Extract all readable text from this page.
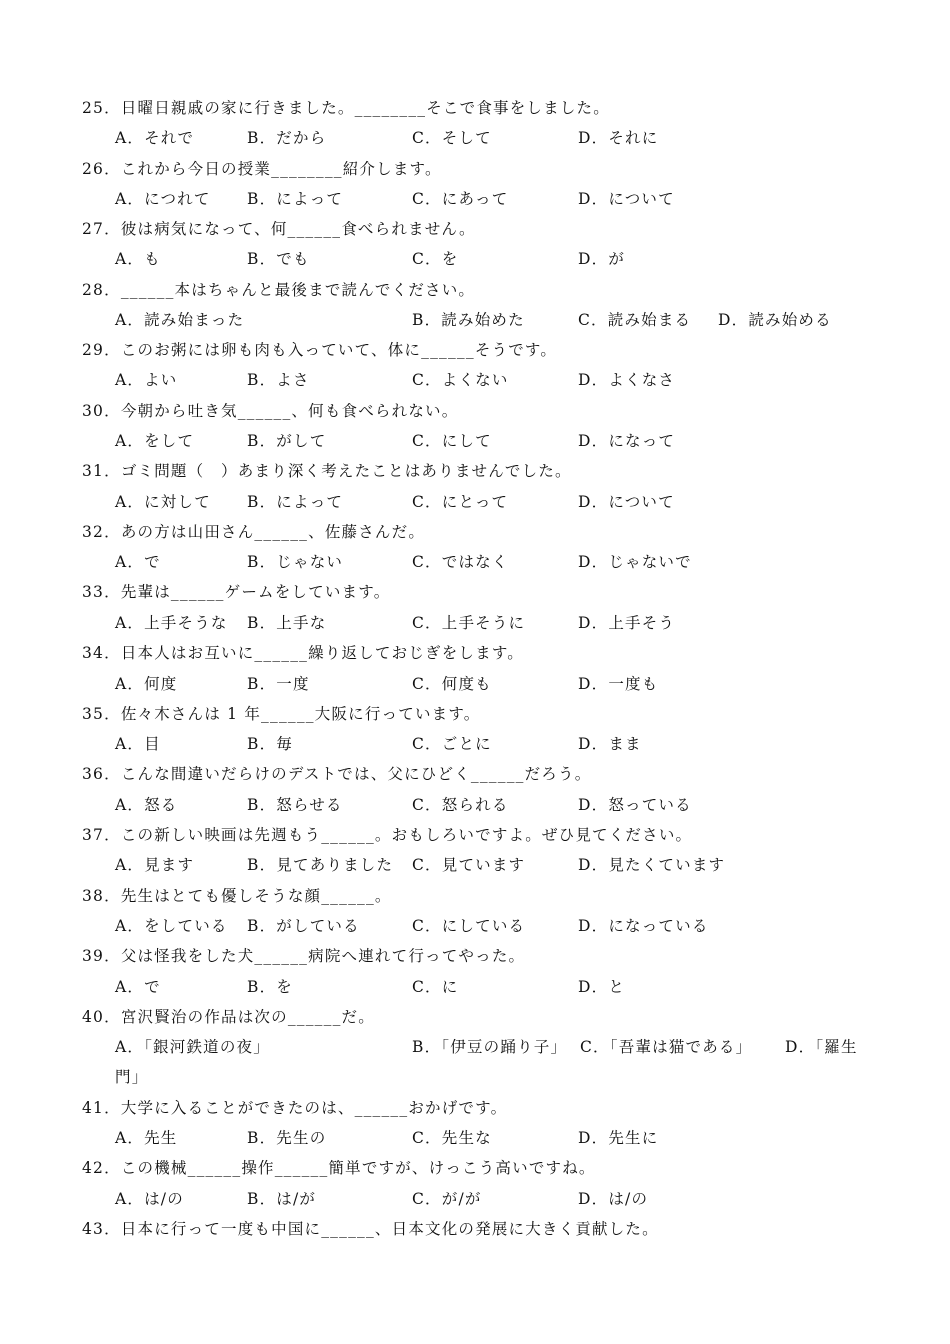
25．日曜日親戚の家に行きました。________そこで食事をしました。
A．それで	B．だから	C．そして	D．それに
26．これから今日の授業________紹介します。
A．につれて B．によって	C．にあって	D．について
27．彼は病気になって、何______食べられません。
A．も	B．でも	C．を	D．が
28．______本はちゃんと最後まで読んでください。
A．読み始まった	B．読み始めた	C．読み始まる D．読み始める
29．このお粥には卵も肉も入っていて、体に______そうです。
A．よい	B．よさ	C．よくない	D．よくなさ
30．今朝から吐き気______、何も食べられない。
A．をして	B．がして	C．にして	D．になって
31．ゴミ問題（　）あまり深く考えたことはありませんでした。
A．に対して B．によって	C．にとって	D．について
32．あの方は山田さん______、佐藤さんだ。
A．で	B．じゃない	C．ではなく	D．じゃないで
33．先輩は______ゲームをしています。
A．上手そうな B．上手な	C．上手そうに	D．上手そう
34．日本人はお互いに______繰り返しておじぎをします。
A．何度	B．一度	C．何度も	D．一度も
35．佐々木さんは 1 年______大阪に行っています。
A．目	B．毎	C．ごとに	D．まま
36．こんな間違いだらけのデストでは、父にひどく______だろう。
A．怒る	B．怒らせる	C．怒られる	D．怒っている
37．この新しい映画は先週もう______。おもしろいですよ。ぜひ見てください。
A．見ます	B．見てありました C．見ています	D．見たくています
38．先生はとても優しそうな顔______。
A．をしている B．がしている	C．にしている	D．になっている
39．父は怪我をした犬______病院へ連れて行ってやった。
A．で	B．を	C．に	D．と
40．宮沢賢治の作品は次の______だ。
A．「銀河鉄道の夜」	B．「伊豆の踊り子」 C．「吾輩は猫である」 D．「羅生
門」
41．大学に入ることができたのは、______おかげです。
A．先生	B．先生の	C．先生な	D．先生に
42．この機械______操作______簡単ですが、けっこう高いですね。
A．は/の	B．は/が	C．が/が	D．は/の
43．日本に行って一度も中国に______、日本文化の発展に大きく貢献した。
